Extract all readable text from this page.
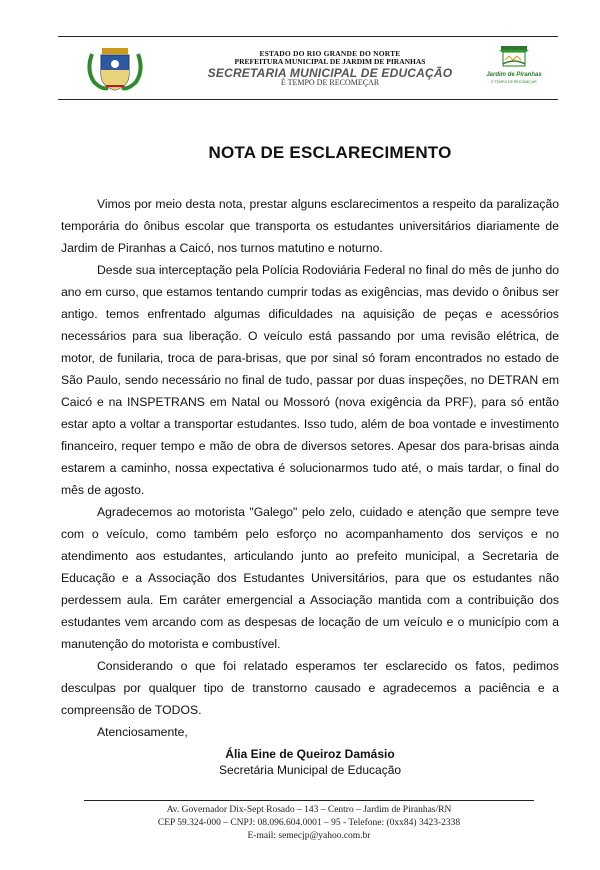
ESTADO DO RIO GRANDE DO NORTE
PREFEITURA MUNICIPAL DE JARDIM DE PIRANHAS
SECRETARIA MUNICIPAL DE EDUCAÇÃO
É TEMPO DE RECOMEÇAR
Jardim de Piranhas
É TEMPO DE RECOMEÇAR
NOTA DE ESCLARECIMENTO

Vimos por meio desta nota, prestar alguns esclarecimentos a respeito da paralização temporária do ônibus escolar que transporta os estudantes universitários diariamente de Jardim de Piranhas a Caicó, nos turnos matutino e noturno.

Desde sua interceptação pela Polícia Rodoviária Federal no final do mês de junho do ano em curso, que estamos tentando cumprir todas as exigências, mas devido o ônibus ser antigo. temos enfrentado algumas dificuldades na aquisição de peças e acessórios necessários para sua liberação. O veículo está passando por uma revisão elétrica, de motor, de funilaria, troca de para-brisas, que por sinal só foram encontrados no estado de São Paulo, sendo necessário no final de tudo, passar por duas inspeções, no DETRAN em Caicó e na INSPETRANS em Natal ou Mossoró (nova exigência da PRF), para só então estar apto a voltar a transportar estudantes. Isso tudo, além de boa vontade e investimento financeiro, requer tempo e mão de obra de diversos setores. Apesar dos para-brisas ainda estarem a caminho, nossa expectativa é solucionarmos tudo até, o mais tardar, o final do mês de agosto.

Agradecemos ao motorista "Galego" pelo zelo, cuidado e atenção que sempre teve com o veículo, como também pelo esforço no acompanhamento dos serviços e no atendimento aos estudantes, articulando junto ao prefeito municipal, a Secretaria de Educação e a Associação dos Estudantes Universitários, para que os estudantes não perdessem aula. Em caráter emergencial a Associação mantida com a contribuição dos estudantes vem arcando com as despesas de locação de um veículo e o município com a manutenção do motorista e combustível.

Considerando o que foi relatado esperamos ter esclarecido os fatos, pedimos desculpas por qualquer tipo de transtorno causado e agradecemos a paciência e a compreensão de TODOS.

Atenciosamente,

Ália Eine de Queiroz Damásio
Secretária Municipal de Educação
Av. Governador Dix-Sept Rosado – 143 – Centro – Jardim de Piranhas/RN
CEP 59.324-000 – CNPJ: 08.096.604.0001 – 95 - Telefone: (0xx84) 3423-2338
E-mail: semecjp@yahoo.com.br
